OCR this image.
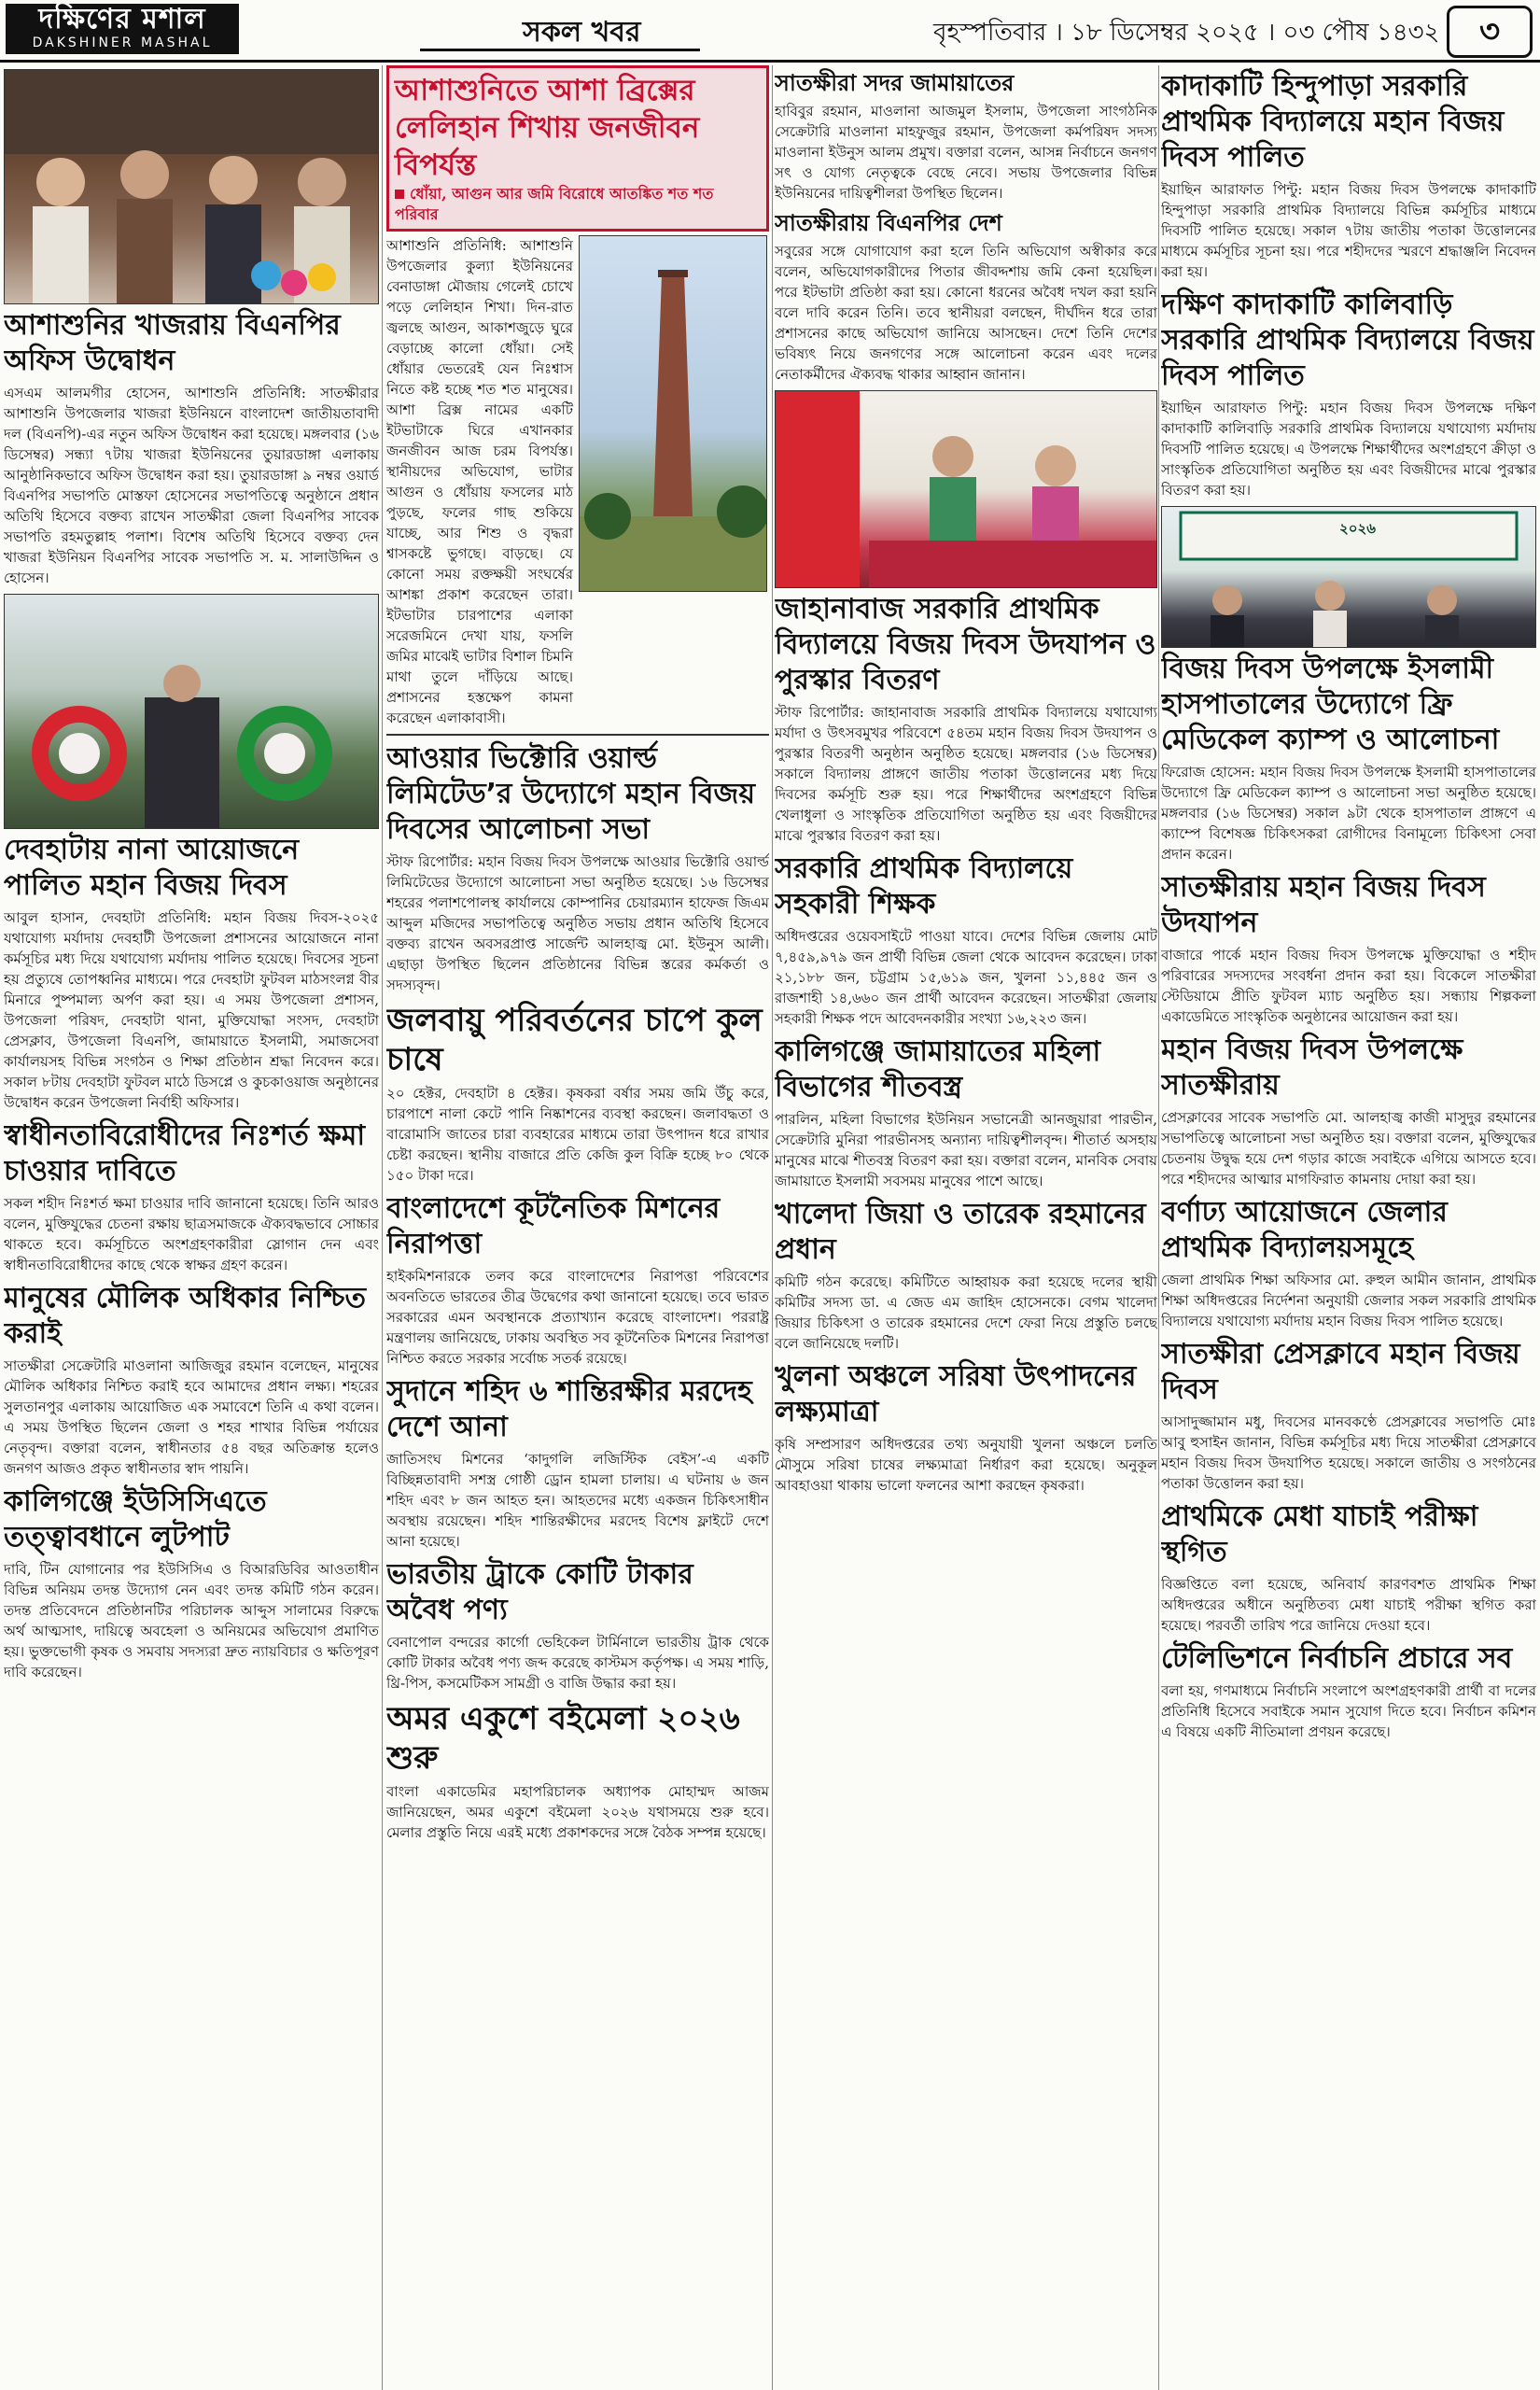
দক্ষিণের মশাল
DAKSHINER MASHAL	সকল খবর	বৃহস্পতিবার । ১৮ ডিসেম্বর ২০২৫ । ০৩ পৌষ ১৪৩২	৩
আশাশুনির খাজরায় বিএনপির অফিস উদ্বোধন

এসএম আলমগীর হোসেন, আশাশুনি প্রতিনিধি: সাতক্ষীরার আশাশুনি উপজেলার খাজরা ইউনিয়নে বাংলাদেশ জাতীয়তাবাদী দল (বিএনপি)-এর নতুন অফিস উদ্বোধন করা হয়েছে। মঙ্গলবার (১৬ ডিসেম্বর) সন্ধ্যা ৭টায় খাজরা ইউনিয়নের তুয়ারডাঙ্গা এলাকায় আনুষ্ঠানিকভাবে অফিস উদ্বোধন করা হয়। তুয়ারডাঙ্গা ৯ নম্বর ওয়ার্ড বিএনপির সভাপতি মোস্তফা হোসেনের সভাপতিত্বে অনুষ্ঠানে প্রধান অতিথি হিসেবে বক্তব্য রাখেন সাতক্ষীরা জেলা বিএনপির সাবেক সভাপতি রহমতুল্লাহ পলাশ। বিশেষ অতিথি হিসেবে বক্তব্য দেন খাজরা ইউনিয়ন বিএনপির সাবেক সভাপতি স. ম. সালাউদ্দিন ও হোসেন।

দেবহাটায় নানা আয়োজনে পালিত মহান বিজয় দিবস

আবুল হাসান, দেবহাটা প্রতিনিধি: মহান বিজয় দিবস-২০২৫ যথাযোগ্য মর্যাদায় দেবহাটী উপজেলা প্রশাসনের আয়োজনে নানা কর্মসূচির মধ্য দিয়ে যথাযোগ্য মর্যাদায় পালিত হয়েছে। দিবসের সূচনা হয় প্রত্যুষে তোপধ্বনির মাধ্যমে। পরে দেবহাটা ফুটবল মাঠসংলগ্ন বীর মিনারে পুষ্পমাল্য অর্পণ করা হয়। এ সময় উপজেলা প্রশাসন, উপজেলা পরিষদ, দেবহাটা থানা, মুক্তিযোদ্ধা সংসদ, দেবহাটা প্রেসক্লাব, উপজেলা বিএনপি, জামায়াতে ইসলামী, সমাজসেবা কার্যালয়সহ বিভিন্ন সংগঠন ও শিক্ষা প্রতিষ্ঠান শ্রদ্ধা নিবেদন করে। সকাল ৮টায় দেবহাটা ফুটবল মাঠে ডিসপ্লে ও কুচকাওয়াজ অনুষ্ঠানের উদ্বোধন করেন উপজেলা নির্বাহী অফিসার।

স্বাধীনতাবিরোধীদের নিঃশর্ত ক্ষমা চাওয়ার দাবিতে

সকল শহীদ নিঃশর্ত ক্ষমা চাওয়ার দাবি জানানো হয়েছে। তিনি আরও বলেন, মুক্তিযুদ্ধের চেতনা রক্ষায় ছাত্রসমাজকে ঐক্যবদ্ধভাবে সোচ্চার থাকতে হবে। কর্মসূচিতে অংশগ্রহণকারীরা স্লোগান দেন এবং স্বাধীনতাবিরোধীদের কাছে থেকে স্বাক্ষর গ্রহণ করেন।

মানুষের মৌলিক অধিকার নিশ্চিত করাই

সাতক্ষীরা সেক্রেটারি মাওলানা আজিজুর রহমান বলেছেন, মানুষের মৌলিক অধিকার নিশ্চিত করাই হবে আমাদের প্রধান লক্ষ্য। শহরের সুলতানপুর এলাকায় আয়োজিত এক সমাবেশে তিনি এ কথা বলেন। এ সময় উপস্থিত ছিলেন জেলা ও শহর শাখার বিভিন্ন পর্যায়ের নেতৃবৃন্দ। বক্তারা বলেন, স্বাধীনতার ৫৪ বছর অতিক্রান্ত হলেও জনগণ আজও প্রকৃত স্বাধীনতার স্বাদ পায়নি।

কালিগঞ্জে ইউসিসিএতে তত্ত্বাবধানে লুটপাট

দাবি, টিন যোগানোর পর ইউসিসিএ ও বিআরডিবির আওতাধীন বিভিন্ন অনিয়ম তদন্ত উদ্যোগ নেন এবং তদন্ত কমিটি গঠন করেন। তদন্ত প্রতিবেদনে প্রতিষ্ঠানটির পরিচালক আব্দুস সালামের বিরুদ্ধে অর্থ আত্মসাৎ, দায়িত্বে অবহেলা ও অনিয়মের অভিযোগ প্রমাণিত হয়। ভুক্তভোগী কৃষক ও সমবায় সদস্যরা দ্রুত ন্যায়বিচার ও ক্ষতিপূরণ দাবি করেছেন।

আশাশুনিতে আশা ব্রিক্সের লেলিহান শিখায় জনজীবন বিপর্যস্ত
ধোঁয়া, আগুন আর জমি বিরোধে আতঙ্কিত শত শত পরিবার

আশাশুনি প্রতিনিধি: আশাশুনি উপজেলার কুল্যা ইউনিয়নের বেনাডাঙ্গা মৌজায় গেলেই চোখে পড়ে লেলিহান শিখা। দিন-রাত জ্বলছে আগুন, আকাশজুড়ে ঘুরে বেড়াচ্ছে কালো ধোঁয়া। সেই ধোঁয়ার ভেতরেই যেন নিঃশ্বাস নিতে কষ্ট হচ্ছে শত শত মানুষের। আশা ব্রিক্স নামের একটি ইটভাটাকে ঘিরে এখানকার জনজীবন আজ চরম বিপর্যস্ত। স্থানীয়দের অভিযোগ, ভাটার আগুন ও ধোঁয়ায় ফসলের মাঠ পুড়ছে, ফলের গাছ শুকিয়ে যাচ্ছে, আর শিশু ও বৃদ্ধরা শ্বাসকষ্টে ভুগছে। বাড়ছে। যে কোনো সময় রক্তক্ষয়ী সংঘর্ষের আশঙ্কা প্রকাশ করেছেন তারা। ইটভাটার চারপাশের এলাকা সরেজমিনে দেখা যায়, ফসলি জমির মাঝেই ভাটার বিশাল চিমনি মাথা তুলে দাঁড়িয়ে আছে। প্রশাসনের হস্তক্ষেপ কামনা করেছেন এলাকাবাসী।

আওয়ার ভিক্টোরি ওয়ার্ল্ড লিমিটেড’র উদ্যোগে মহান বিজয় দিবসের আলোচনা সভা

স্টাফ রিপোর্টার: মহান বিজয় দিবস উপলক্ষে আওয়ার ভিক্টোরি ওয়ার্ল্ড লিমিটেডের উদ্যোগে আলোচনা সভা অনুষ্ঠিত হয়েছে। ১৬ ডিসেম্বর শহরের পলাশপোলস্থ কার্যালয়ে কোম্পানির চেয়ারম্যান হাফেজ জিএম আব্দুল মজিদের সভাপতিত্বে অনুষ্ঠিত সভায় প্রধান অতিথি হিসেবে বক্তব্য রাখেন অবসরপ্রাপ্ত সার্জেন্ট আলহাজ্ব মো. ইউনুস আলী। এছাড়া উপস্থিত ছিলেন প্রতিষ্ঠানের বিভিন্ন স্তরের কর্মকর্তা ও সদস্যবৃন্দ।

জলবায়ু পরিবর্তনের চাপে কুল চাষে

২০ হেক্টর, দেবহাটা ৪ হেক্টর। কৃষকরা বর্ষার সময় জমি উঁচু করে, চারপাশে নালা কেটে পানি নিষ্কাশনের ব্যবস্থা করছেন। জলাবদ্ধতা ও বারোমাসি জাতের চারা ব্যবহারের মাধ্যমে তারা উৎপাদন ধরে রাখার চেষ্টা করছেন। স্থানীয় বাজারে প্রতি কেজি কুল বিক্রি হচ্ছে ৮০ থেকে ১৫০ টাকা দরে।

বাংলাদেশে কূটনৈতিক মিশনের নিরাপত্তা

হাইকমিশনারকে তলব করে বাংলাদেশের নিরাপত্তা পরিবেশের অবনতিতে ভারতের তীব্র উদ্বেগের কথা জানানো হয়েছে। তবে ভারত সরকারের এমন অবস্থানকে প্রত্যাখ্যান করেছে বাংলাদেশ। পররাষ্ট্র মন্ত্রণালয় জানিয়েছে, ঢাকায় অবস্থিত সব কূটনৈতিক মিশনের নিরাপত্তা নিশ্চিত করতে সরকার সর্বোচ্চ সতর্ক রয়েছে।

সুদানে শহিদ ৬ শান্তিরক্ষীর মরদেহ দেশে আনা

জাতিসংঘ মিশনের ‘কাদুগলি লজিস্টিক বেইস’-এ একটি বিচ্ছিন্নতাবাদী সশস্ত্র গোষ্ঠী ড্রোন হামলা চালায়। এ ঘটনায় ৬ জন শহিদ এবং ৮ জন আহত হন। আহতদের মধ্যে একজন চিকিৎসাধীন অবস্থায় রয়েছেন। শহিদ শান্তিরক্ষীদের মরদেহ বিশেষ ফ্লাইটে দেশে আনা হয়েছে।

ভারতীয় ট্রাকে কোটি টাকার অবৈধ পণ্য

বেনাপোল বন্দরের কার্গো ভেহিকেল টার্মিনালে ভারতীয় ট্রাক থেকে কোটি টাকার অবৈধ পণ্য জব্দ করেছে কাস্টমস কর্তৃপক্ষ। এ সময় শাড়ি, থ্রি-পিস, কসমেটিকস সামগ্রী ও বাজি উদ্ধার করা হয়।

অমর একুশে বইমেলা ২০২৬ শুরু

বাংলা একাডেমির মহাপরিচালক অধ্যাপক মোহাম্মদ আজম জানিয়েছেন, অমর একুশে বইমেলা ২০২৬ যথাসময়ে শুরু হবে। মেলার প্রস্তুতি নিয়ে এরই মধ্যে প্রকাশকদের সঙ্গে বৈঠক সম্পন্ন হয়েছে।

সাতক্ষীরা সদর জামায়াতের

হাবিবুর রহমান, মাওলানা আজমুল ইসলাম, উপজেলা সাংগঠনিক সেক্রেটারি মাওলানা মাহফুজুর রহমান, উপজেলা কর্মপরিষদ সদস্য মাওলানা ইউনুস আলম প্রমুখ। বক্তারা বলেন, আসন্ন নির্বাচনে জনগণ সৎ ও যোগ্য নেতৃত্বকে বেছে নেবে। সভায় উপজেলার বিভিন্ন ইউনিয়নের দায়িত্বশীলরা উপস্থিত ছিলেন।

সাতক্ষীরায় বিএনপির দেশ

সবুরের সঙ্গে যোগাযোগ করা হলে তিনি অভিযোগ অস্বীকার করে বলেন, অভিযোগকারীদের পিতার জীবদ্দশায় জমি কেনা হয়েছিল। পরে ইটভাটা প্রতিষ্ঠা করা হয়। কোনো ধরনের অবৈধ দখল করা হয়নি বলে দাবি করেন তিনি। তবে স্থানীয়রা বলছেন, দীর্ঘদিন ধরে তারা প্রশাসনের কাছে অভিযোগ জানিয়ে আসছেন। দেশে তিনি দেশের ভবিষ্যৎ নিয়ে জনগণের সঙ্গে আলোচনা করেন এবং দলের নেতাকর্মীদের ঐক্যবদ্ধ থাকার আহ্বান জানান।

জাহানাবাজ সরকারি প্রাথমিক বিদ্যালয়ে বিজয় দিবস উদযাপন ও পুরস্কার বিতরণ

স্টাফ রিপোর্টার: জাহানাবাজ সরকারি প্রাথমিক বিদ্যালয়ে যথাযোগ্য মর্যাদা ও উৎসবমুখর পরিবেশে ৫৪তম মহান বিজয় দিবস উদযাপন ও পুরস্কার বিতরণী অনুষ্ঠান অনুষ্ঠিত হয়েছে। মঙ্গলবার (১৬ ডিসেম্বর) সকালে বিদ্যালয় প্রাঙ্গণে জাতীয় পতাকা উত্তোলনের মধ্য দিয়ে দিবসের কর্মসূচি শুরু হয়। পরে শিক্ষার্থীদের অংশগ্রহণে বিভিন্ন খেলাধুলা ও সাংস্কৃতিক প্রতিযোগিতা অনুষ্ঠিত হয় এবং বিজয়ীদের মাঝে পুরস্কার বিতরণ করা হয়।

সরকারি প্রাথমিক বিদ্যালয়ে সহকারী শিক্ষক

অধিদপ্তরের ওয়েবসাইটে পাওয়া যাবে। দেশের বিভিন্ন জেলায় মোট ৭,৪৫৯,৯৭৯ জন প্রার্থী বিভিন্ন জেলা থেকে আবেদন করেছেন। ঢাকা ২১,১৮৮ জন, চট্টগ্রাম ১৫,৬১৯ জন, খুলনা ১১,৪৪৫ জন ও রাজশাহী ১৪,৬৬০ জন প্রার্থী আবেদন করেছেন। সাতক্ষীরা জেলায় সহকারী শিক্ষক পদে আবেদনকারীর সংখ্যা ১৬,২২৩ জন।

কালিগঞ্জে জামায়াতের মহিলা বিভাগের শীতবস্ত্র

পারলিন, মহিলা বিভাগের ইউনিয়ন সভানেত্রী আনজুয়ারা পারভীন, সেক্রেটারি মুনিরা পারভীনসহ অন্যান্য দায়িত্বশীলবৃন্দ। শীতার্ত অসহায় মানুষের মাঝে শীতবস্ত্র বিতরণ করা হয়। বক্তারা বলেন, মানবিক সেবায় জামায়াতে ইসলামী সবসময় মানুষের পাশে আছে।

খালেদা জিয়া ও তারেক রহমানের প্রধান

কমিটি গঠন করেছে। কমিটিতে আহ্বায়ক করা হয়েছে দলের স্থায়ী কমিটির সদস্য ডা. এ জেড এম জাহিদ হোসেনকে। বেগম খালেদা জিয়ার চিকিৎসা ও তারেক রহমানের দেশে ফেরা নিয়ে প্রস্তুতি চলছে বলে জানিয়েছে দলটি।

খুলনা অঞ্চলে সরিষা উৎপাদনের লক্ষ্যমাত্রা

কৃষি সম্প্রসারণ অধিদপ্তরের তথ্য অনুযায়ী খুলনা অঞ্চলে চলতি মৌসুমে সরিষা চাষের লক্ষ্যমাত্রা নির্ধারণ করা হয়েছে। অনুকূল আবহাওয়া থাকায় ভালো ফলনের আশা করছেন কৃষকরা।

কাদাকাটি হিন্দুপাড়া সরকারি প্রাথমিক বিদ্যালয়ে মহান বিজয় দিবস পালিত

ইয়াছিন আরাফাত পিন্টু: মহান বিজয় দিবস উপলক্ষে কাদাকাটি হিন্দুপাড়া সরকারি প্রাথমিক বিদ্যালয়ে বিভিন্ন কর্মসূচির মাধ্যমে দিবসটি পালিত হয়েছে। সকাল ৭টায় জাতীয় পতাকা উত্তোলনের মাধ্যমে কর্মসূচির সূচনা হয়। পরে শহীদদের স্মরণে শ্রদ্ধাঞ্জলি নিবেদন করা হয়।

দক্ষিণ কাদাকাটি কালিবাড়ি সরকারি প্রাথমিক বিদ্যালয়ে বিজয় দিবস পালিত

ইয়াছিন আরাফাত পিন্টু: মহান বিজয় দিবস উপলক্ষে দক্ষিণ কাদাকাটি কালিবাড়ি সরকারি প্রাথমিক বিদ্যালয়ে যথাযোগ্য মর্যাদায় দিবসটি পালিত হয়েছে। এ উপলক্ষে শিক্ষার্থীদের অংশগ্রহণে ক্রীড়া ও সাংস্কৃতিক প্রতিযোগিতা অনুষ্ঠিত হয় এবং বিজয়ীদের মাঝে পুরস্কার বিতরণ করা হয়।

২০২৬
বিজয় দিবস উপলক্ষে ইসলামী হাসপাতালের উদ্যোগে ফ্রি মেডিকেল ক্যাম্প ও আলোচনা

ফিরোজ হোসেন: মহান বিজয় দিবস উপলক্ষে ইসলামী হাসপাতালের উদ্যোগে ফ্রি মেডিকেল ক্যাম্প ও আলোচনা সভা অনুষ্ঠিত হয়েছে। মঙ্গলবার (১৬ ডিসেম্বর) সকাল ৯টা থেকে হাসপাতাল প্রাঙ্গণে এ ক্যাম্পে বিশেষজ্ঞ চিকিৎসকরা রোগীদের বিনামূল্যে চিকিৎসা সেবা প্রদান করেন।

সাতক্ষীরায় মহান বিজয় দিবস উদযাপন

বাজারে পার্কে মহান বিজয় দিবস উপলক্ষে মুক্তিযোদ্ধা ও শহীদ পরিবারের সদস্যদের সংবর্ধনা প্রদান করা হয়। বিকেলে সাতক্ষীরা স্টেডিয়ামে প্রীতি ফুটবল ম্যাচ অনুষ্ঠিত হয়। সন্ধ্যায় শিল্পকলা একাডেমিতে সাংস্কৃতিক অনুষ্ঠানের আয়োজন করা হয়।

মহান বিজয় দিবস উপলক্ষে সাতক্ষীরায়

প্রেসক্লাবের সাবেক সভাপতি মো. আলহাজ্ব কাজী মাসুদুর রহমানের সভাপতিত্বে আলোচনা সভা অনুষ্ঠিত হয়। বক্তারা বলেন, মুক্তিযুদ্ধের চেতনায় উদ্বুদ্ধ হয়ে দেশ গড়ার কাজে সবাইকে এগিয়ে আসতে হবে। পরে শহীদদের আত্মার মাগফিরাত কামনায় দোয়া করা হয়।

বর্ণাঢ্য আয়োজনে জেলার প্রাথমিক বিদ্যালয়সমূহে

জেলা প্রাথমিক শিক্ষা অফিসার মো. রুহুল আমীন জানান, প্রাথমিক শিক্ষা অধিদপ্তরের নির্দেশনা অনুযায়ী জেলার সকল সরকারি প্রাথমিক বিদ্যালয়ে যথাযোগ্য মর্যাদায় মহান বিজয় দিবস পালিত হয়েছে।

সাতক্ষীরা প্রেসক্লাবে মহান বিজয় দিবস

আসাদুজ্জামান মধু, দিবসের মানবকণ্ঠে প্রেসক্লাবের সভাপতি মোঃ আবু হুসাইন জানান, বিভিন্ন কর্মসূচির মধ্য দিয়ে সাতক্ষীরা প্রেসক্লাবে মহান বিজয় দিবস উদযাপিত হয়েছে। সকালে জাতীয় ও সংগঠনের পতাকা উত্তোলন করা হয়।

প্রাথমিকে মেধা যাচাই পরীক্ষা স্থগিত

বিজ্ঞপ্তিতে বলা হয়েছে, অনিবার্য কারণবশত প্রাথমিক শিক্ষা অধিদপ্তরের অধীনে অনুষ্ঠিতব্য মেধা যাচাই পরীক্ষা স্থগিত করা হয়েছে। পরবর্তী তারিখ পরে জানিয়ে দেওয়া হবে।

টেলিভিশনে নির্বাচনি প্রচারে সব

বলা হয়, গণমাধ্যমে নির্বাচনি সংলাপে অংশগ্রহণকারী প্রার্থী বা দলের প্রতিনিধি হিসেবে সবাইকে সমান সুযোগ দিতে হবে। নির্বাচন কমিশন এ বিষয়ে একটি নীতিমালা প্রণয়ন করেছে।
